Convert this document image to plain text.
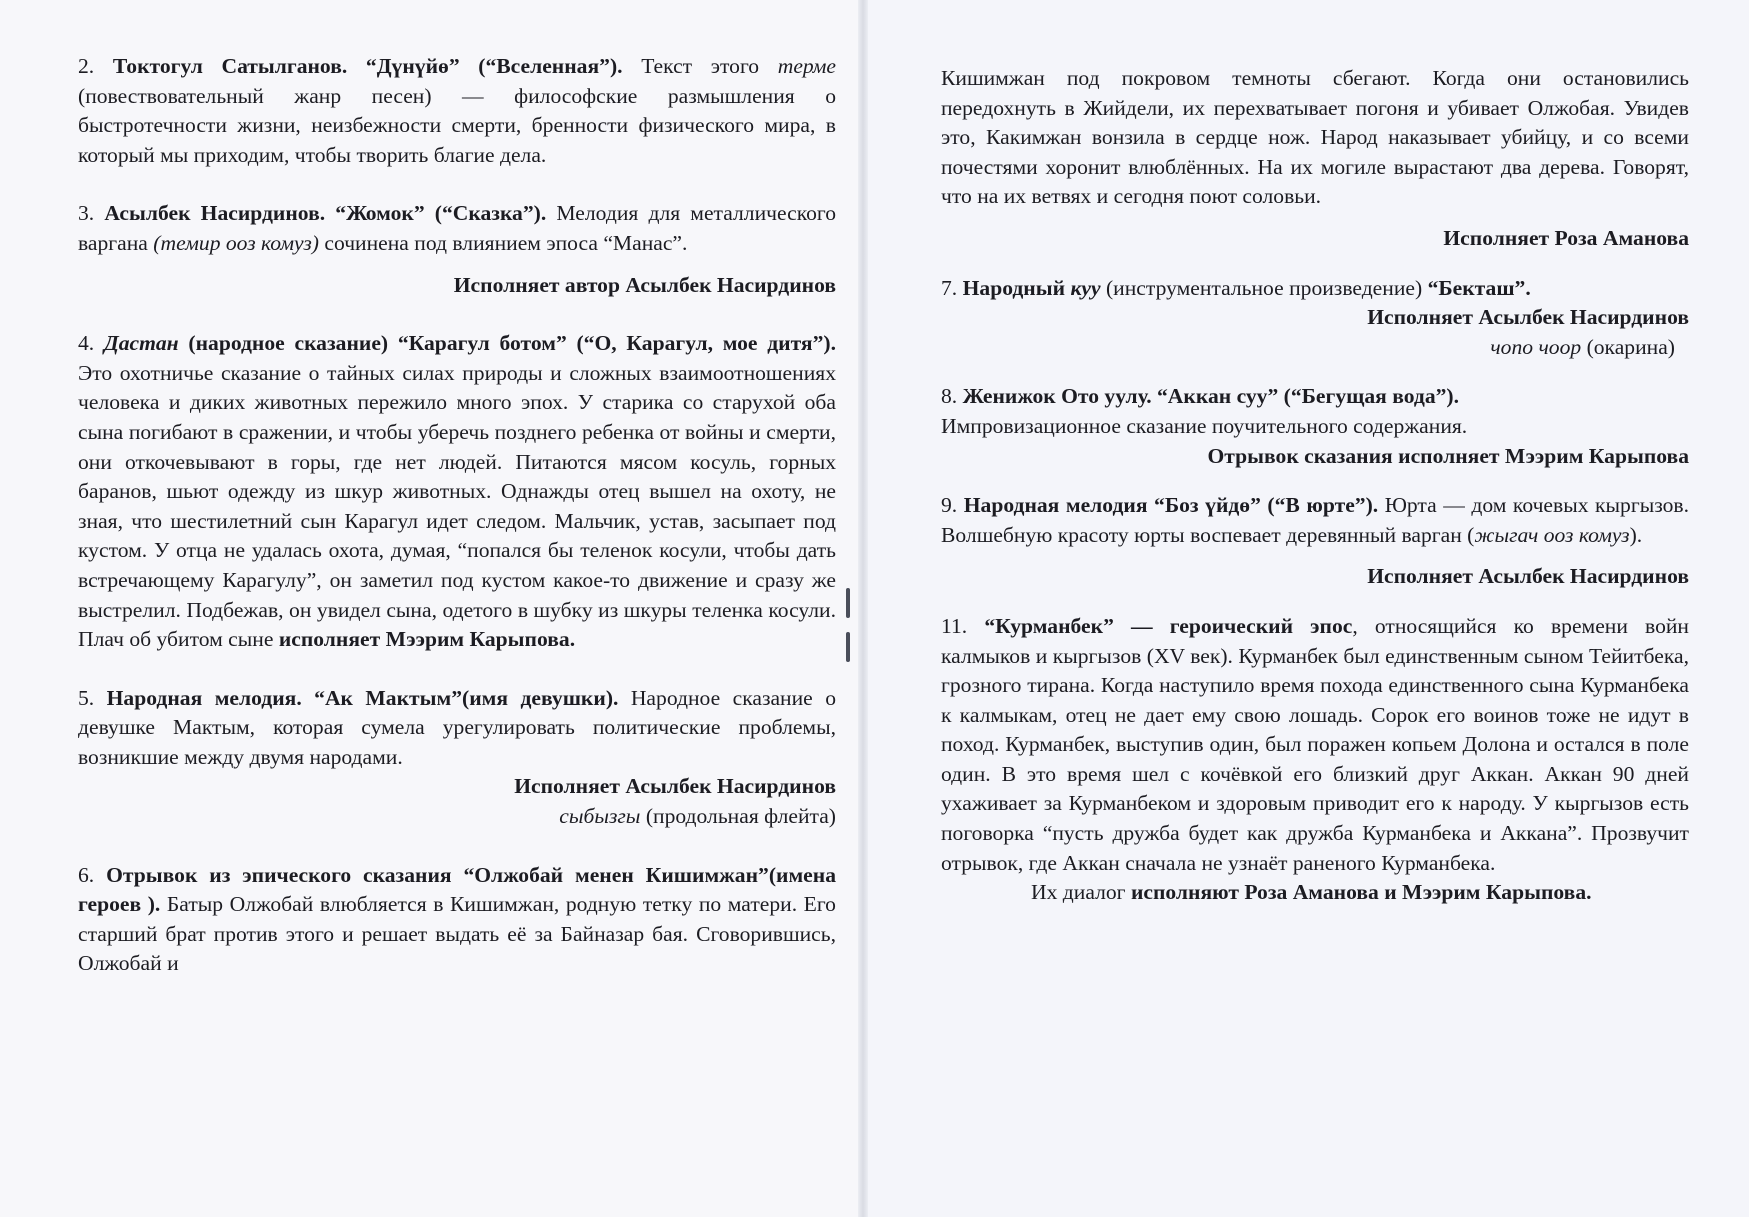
2. Токтогул Сатылганов. “Дүнүйө” (“Вселенная”). Текст этого терме (повествовательный жанр песен) — философские размышления о быстротечности жизни, неизбежности смерти, бренности физического мира, в который мы приходим, чтобы творить благие дела.

3. Асылбек Насирдинов. “Жомок” (“Сказка”). Мелодия для металлического варгана (темир ооз комуз) сочинена под влиянием эпоса “Манас”.

Исполняет автор Асылбек Насирдинов

4. Дастан (народное сказание) “Карагул ботом” (“О, Карагул, мое дитя”). Это охотничье сказание о тайных силах природы и сложных взаимоотношениях человека и диких животных пережило много эпох. У старика со старухой оба сына погибают в сражении, и чтобы уберечь позднего ребенка от войны и смерти, они откочевывают в горы, где нет людей. Питаются мясом косуль, горных баранов, шьют одежду из шкур животных. Однажды отец вышел на охоту, не зная, что шестилетний сын Карагул идет следом. Мальчик, устав, засыпает под кустом. У отца не удалась охота, думая, “попался бы теленок косули, чтобы дать встречающему Карагулу”, он заметил под кустом какое-то движение и сразу же выстрелил. Подбежав, он увидел сына, одетого в шубку из шкуры теленка косули. Плач об убитом сыне исполняет Мээрим Карыпова.

5. Народная мелодия. “Ак Мактым”(имя девушки). Народное сказание о девушке Мактым, которая сумела урегулировать политические проблемы, возникшие между двумя народами.

Исполняет Асылбек Насирдинов

сыбызгы (продольная флейта)

6. Отрывок из эпического сказания “Олжобай менен Кишимжан”(имена героев ). Батыр Олжобай влюбляется в Кишимжан, родную тетку по матери. Его старший брат против этого и решает выдать её за Байназар бая. Сговорившись, Олжобай и

Кишимжан под покровом темноты сбегают. Когда они остановились передохнуть в Жийдели, их перехватывает погоня и убивает Олжобая. Увидев это, Какимжан вонзила в сердце нож. Народ наказывает убийцу, и со всеми почестями хоронит влюблённых. На их могиле вырастают два дерева. Говорят, что на их ветвях и сегодня поют соловьи.

Исполняет Роза Аманова

7. Народный куу (инструментальное произведение) “Бекташ”.

Исполняет Асылбек Насирдинов

чопо чоор (окарина)

8. Женижок Ото уулу. “Аккан суу” (“Бегущая вода”).

Импровизационное сказание поучительного содержания.

Отрывок сказания исполняет Мээрим Карыпова

9. Народная мелодия “Боз үйдө” (“В юрте”). Юрта — дом кочевых кыргызов. Волшебную красоту юрты воспевает деревянный варган (жыгач ооз комуз).

Исполняет Асылбек Насирдинов

11. “Курманбек” — героический эпос, относящийся ко времени войн калмыков и кыргызов (XV век). Курманбек был единственным сыном Тейитбека, грозного тирана. Когда наступило время похода единственного сына Курманбека к калмыкам, отец не дает ему свою лошадь. Сорок его воинов тоже не идут в поход. Курманбек, выступив один, был поражен копьем Долона и остался в поле один. В это время шел с кочёвкой его близкий друг Аккан. Аккан 90 дней ухаживает за Курманбеком и здоровым приводит его к народу. У кыргызов есть поговорка “пусть дружба будет как дружба Курманбека и Аккана”. Прозвучит отрывок, где Аккан сначала не узнаёт раненого Курманбека.

Их диалог исполняют Роза Аманова и Мээрим Карыпова.
